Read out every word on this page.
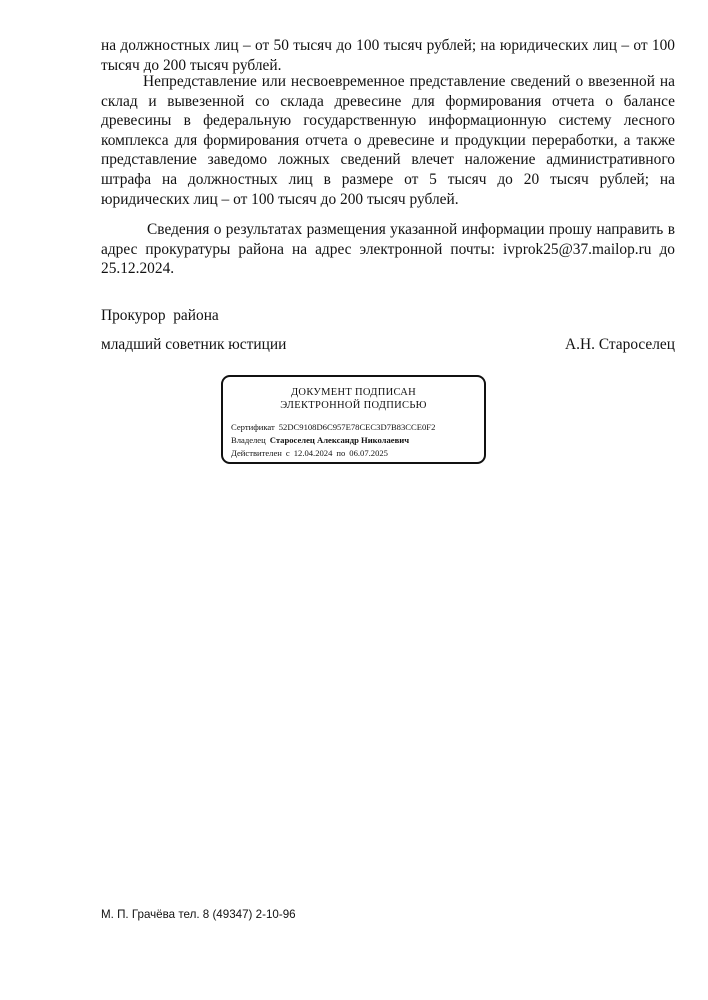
на должностных лиц – от 50 тысяч до 100 тысяч рублей; на юридических лиц – от 100 тысяч до 200 тысяч рублей.

Непредставление или несвоевременное представление сведений о ввезенной на склад и вывезенной со склада древесине для формирования отчета о балансе древесины в федеральную государственную информационную систему лесного комплекса для формирования отчета о древесине и продукции переработки, а также представление заведомо ложных сведений влечет наложение административного штрафа на должностных лиц в размере от 5 тысяч до 20 тысяч рублей; на юридических лиц – от 100 тысяч до 200 тысяч рублей.

Сведения о результатах размещения указанной информации прошу направить в адрес прокуратуры района на адрес электронной почты: ivprok25@37.mailop.ru до 25.12.2024.

Прокурор  района
младший советник юстиции	А.Н. Староселец
ДОКУМЕНТ ПОДПИСАН
ЭЛЕКТРОННОЙ ПОДПИСЬЮ
Сертификат 52DC9108D6C957E78CEC3D7B83CCE0F2
Владелец Староселец Александр Николаевич
Действителен с 12.04.2024 по 06.07.2025
М. П. Грачёва тел. 8 (49347) 2-10-96
